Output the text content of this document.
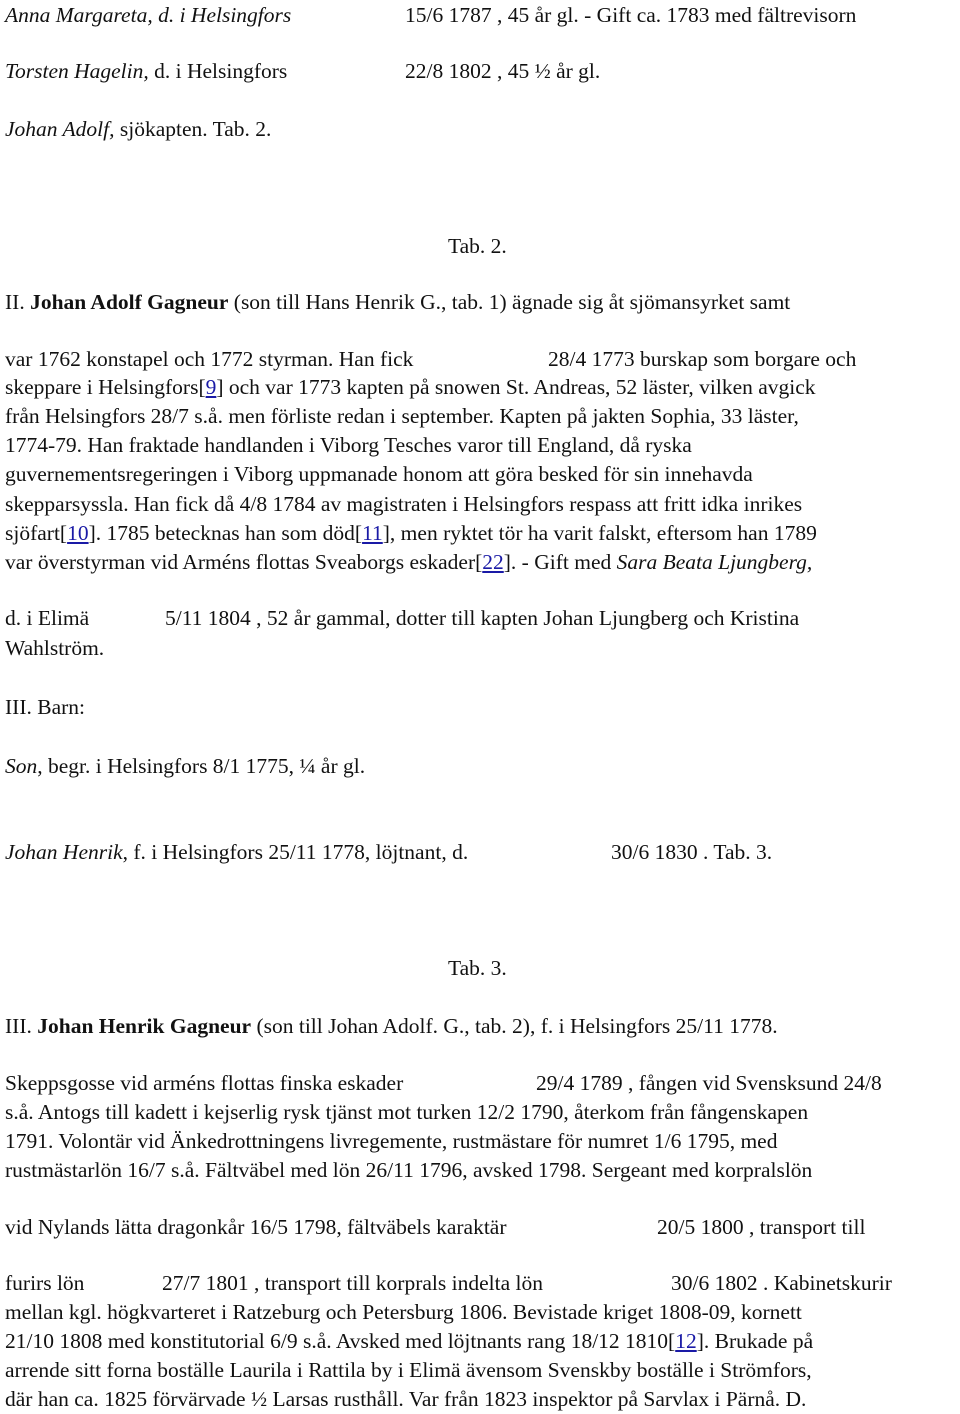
Anna Margareta, d. i Helsingfors	15/6 1787 , 45 år gl. - Gift ca. 1783 med fältrevisorn
Torsten Hagelin, d. i Helsingfors	22/8 1802 , 45 ½ år gl.
Johan Adolf, sjökapten. Tab. 2.
Tab. 2.
II. Johan Adolf Gagneur (son till Hans Henrik G., tab. 1) ägnade sig åt sjömansyrket samt
var 1762 konstapel och 1772 styrman. Han fick	28/4 1773 burskap som borgare och
skeppare i Helsingfors[9] och var 1773 kapten på snowen St. Andreas, 52 läster, vilken avgick
från Helsingfors 28/7 s.å. men förliste redan i september. Kapten på jakten Sophia, 33 läster,
1774-79. Han fraktade handlanden i Viborg Tesches varor till England, då ryska
guvernementsregeringen i Viborg uppmanade honom att göra besked för sin innehavda
skepparsyssla. Han fick då 4/8 1784 av magistraten i Helsingfors respass att fritt idka inrikes
sjöfart[10]. 1785 betecknas han som död[11], men ryktet tör ha varit falskt, eftersom han 1789
var överstyrman vid Arméns flottas Sveaborgs eskader[22]. - Gift med Sara Beata Ljungberg,
d. i Elimä	5/11 1804 , 52 år gammal, dotter till kapten Johan Ljungberg och Kristina
Wahlström.
III. Barn:
Son, begr. i Helsingfors 8/1 1775, ¼ år gl.
Johan Henrik, f. i Helsingfors 25/11 1778, löjtnant, d.	30/6 1830 . Tab. 3.
Tab. 3.
III. Johan Henrik Gagneur (son till Johan Adolf. G., tab. 2), f. i Helsingfors 25/11 1778.
Skeppsgosse vid arméns flottas finska eskader	29/4 1789 , fången vid Svensksund 24/8
s.å. Antogs till kadett i kejserlig rysk tjänst mot turken 12/2 1790, återkom från fångenskapen
1791. Volontär vid Änkedrottningens livregemente, rustmästare för numret 1/6 1795, med
rustmästarlön 16/7 s.å. Fältväbel med lön 26/11 1796, avsked 1798. Sergeant med korpralslön
vid Nylands lätta dragonkår 16/5 1798, fältväbels karaktär	20/5 1800 , transport till
furirs lön	27/7 1801 , transport till korprals indelta lön	30/6 1802 . Kabinetskurir
mellan kgl. högkvarteret i Ratzeburg och Petersburg 1806. Bevistade kriget 1808-09, kornett
21/10 1808 med konstitutorial 6/9 s.å. Avsked med löjtnants rang 18/12 1810[12]. Brukade på
arrende sitt forna boställe Laurila i Rattila by i Elimä ävensom Svenskby boställe i Strömfors,
där han ca. 1825 förvärvade ½ Larsas rusthåll. Var från 1823 inspektor på Sarvlax i Pärnå. D.
